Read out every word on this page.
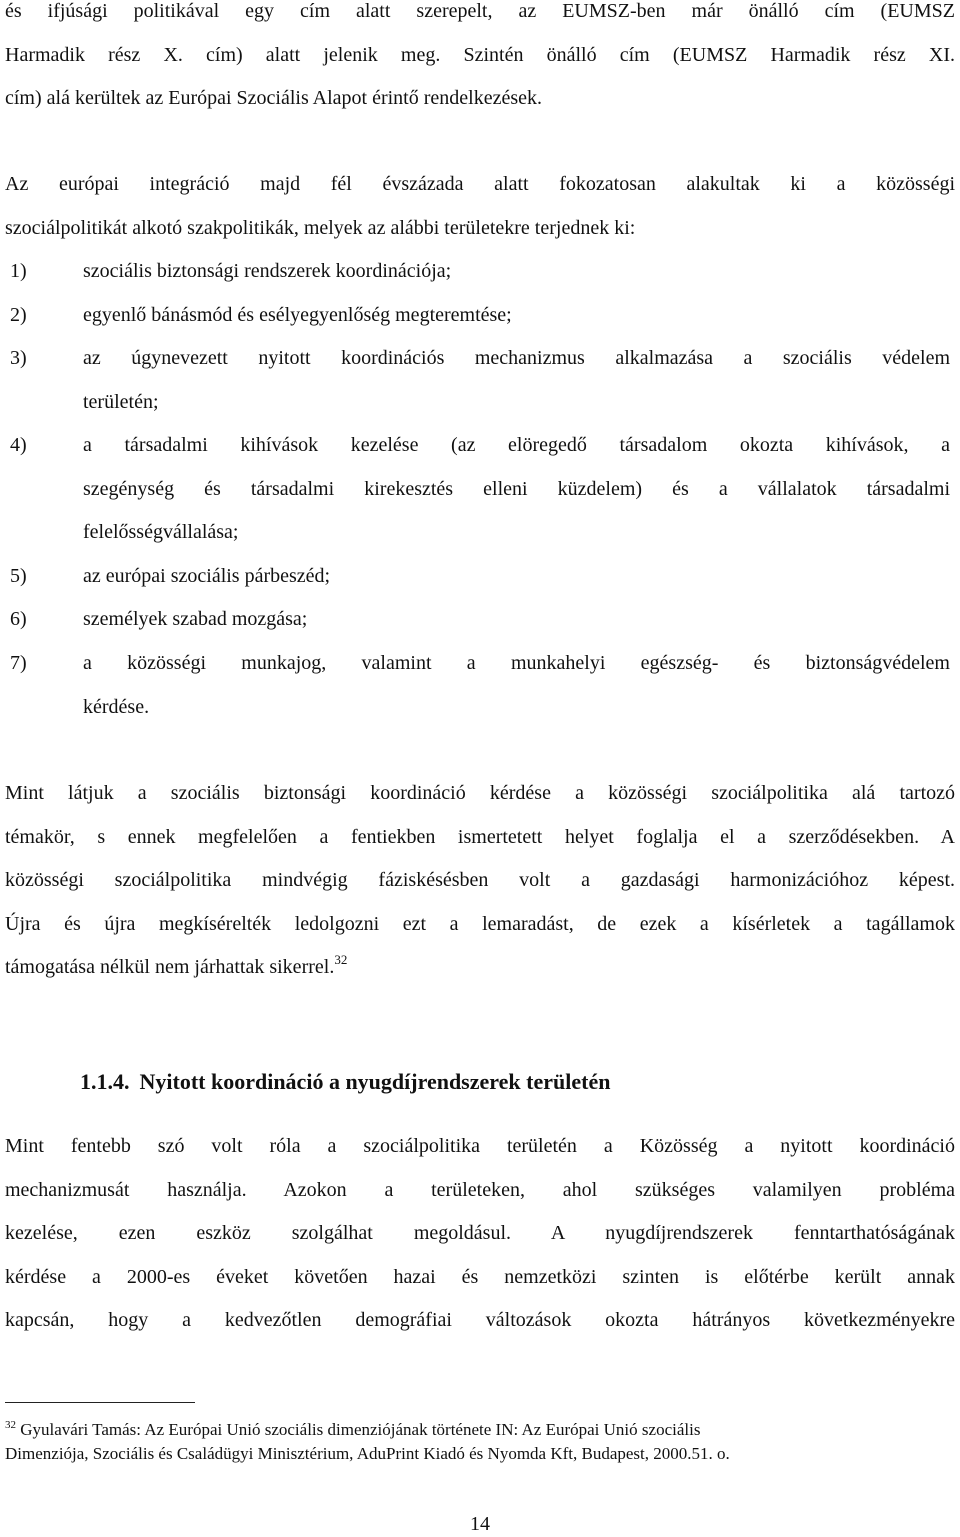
és ifjúsági politikával egy cím alatt szerepelt, az EUMSZ-ben már önálló cím (EUMSZ
Harmadik rész X. cím) alatt jelenik meg. Szintén önálló cím (EUMSZ Harmadik rész XI.
cím) alá kerültek az Európai Szociális Alapot érintő rendelkezések.
Az európai integráció majd fél évszázada alatt fokozatosan alakultak ki a közösségi
szociálpolitikát alkotó szakpolitikák, melyek az alábbi területekre terjednek ki:
1)	szociális biztonsági rendszerek koordinációja;
2)	egyenlő bánásmód és esélyegyenlőség megteremtése;
3)	az úgynevezett nyitott koordinációs mechanizmus alkalmazása a szociális védelem
területén;
4)	a társadalmi kihívások kezelése (az elöregedő társadalom okozta kihívások, a
szegénység és társadalmi kirekesztés elleni küzdelem) és a vállalatok társadalmi
felelősségvállalása;
5)	az európai szociális párbeszéd;
6)	személyek szabad mozgása;
7)	a közösségi munkajog, valamint a munkahelyi egészség- és biztonságvédelem
kérdése.
Mint látjuk a szociális biztonsági koordináció kérdése a közösségi szociálpolitika alá tartozó
témakör, s ennek megfelelően a fentiekben ismertetett helyet foglalja el a szerződésekben. A
közösségi szociálpolitika mindvégig fáziskésésben volt a gazdasági harmonizációhoz képest.
Újra és újra megkísérelték ledolgozni ezt a lemaradást, de ezek a kísérletek a tagállamok
támogatása nélkül nem járhattak sikerrel.$^{32}$
1.1.4. Nyitott koordináció a nyugdíjrendszerek területén
Mint fentebb szó volt róla a szociálpolitika területén a Közösség a nyitott koordináció
mechanizmusát használja. Azokon a területeken, ahol szükséges valamilyen probléma
kezelése, ezen eszköz szolgálhat megoldásul. A nyugdíjrendszerek fenntarthatóságának
kérdése a 2000-es éveket követően hazai és nemzetközi szinten is előtérbe került annak
kapcsán, hogy a kedvezőtlen demográfiai változások okozta hátrányos következményekre
$^{32}$ Gyulavári Tamás: Az Európai Unió szociális dimenziójának története IN: Az Európai Unió szociális
Dimenziója, Szociális és Családügyi Minisztérium, AduPrint Kiadó és Nyomda Kft, Budapest, 2000.51. o.
14
